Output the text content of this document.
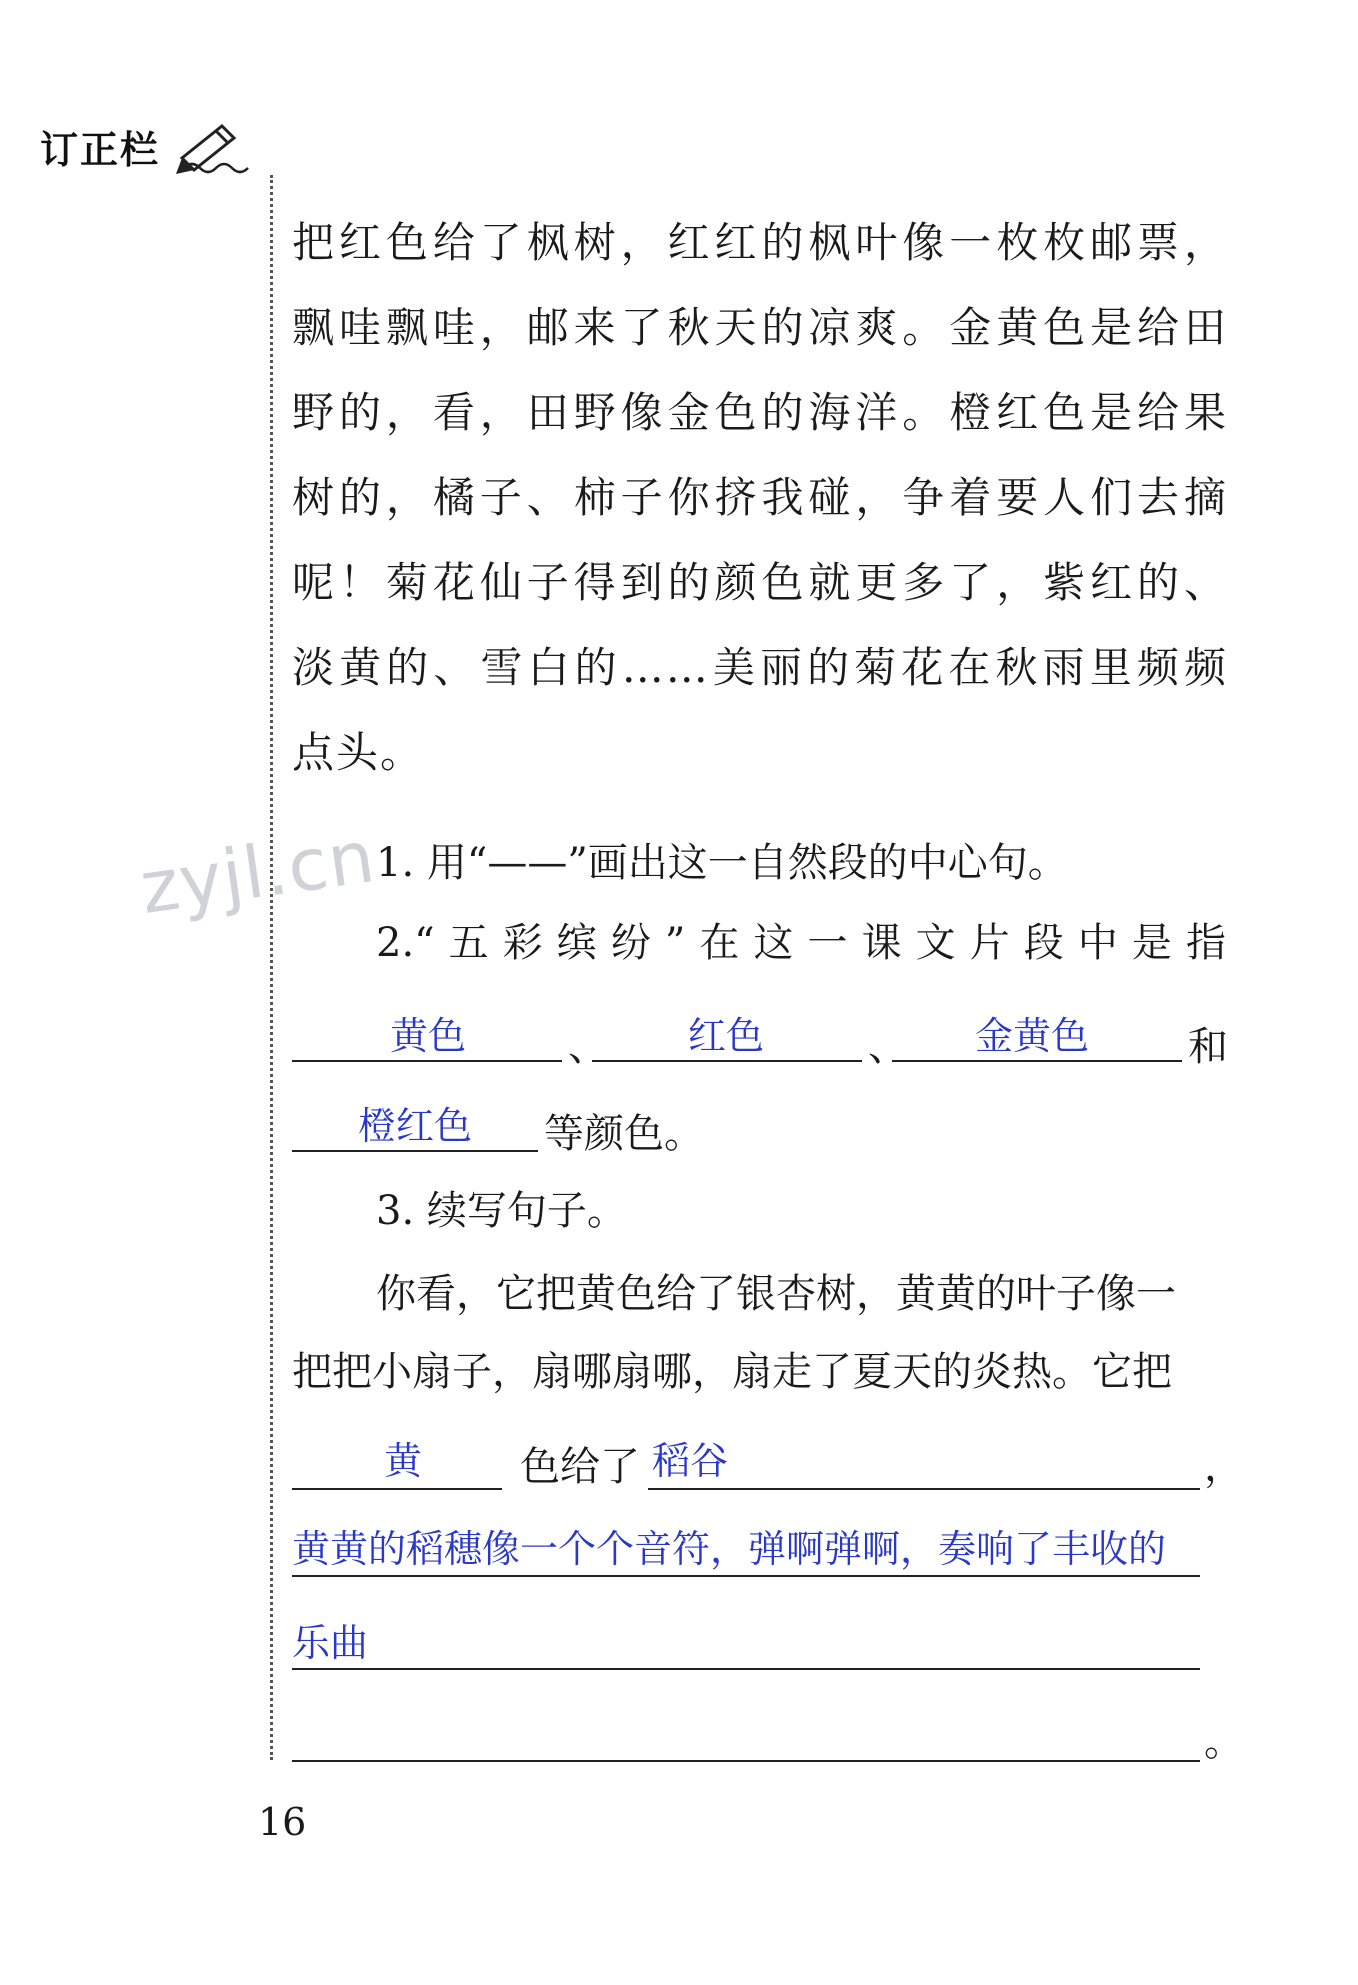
订正栏
把红色给了枫树，红红的枫叶像一枚枚邮票，
飘哇飘哇，邮来了秋天的凉爽。金黄色是给田
野的，看，田野像金色的海洋。橙红色是给果
树的，橘子、柿子你挤我碰，争着要人们去摘
呢！菊花仙子得到的颜色就更多了，紫红的、
淡黄的、雪白的……美丽的菊花在秋雨里频频
点头。
zyjl.cn
1. 用“——”画出这一自然段的中心句。
2.“五彩缤纷”在这一课文片段中是指
黄色	、 红色	、 金黄色 和
橙红色 等颜色。
3. 续写句子。
你看，它把黄色给了银杏树，黄黄的叶子像一
把把小扇子，扇哪扇哪，扇走了夏天的炎热。它把
黄 色给了 稻谷	，
黄黄的稻穗像一个个音符，弹啊弹啊，奏响了丰收的
乐曲
。
16
